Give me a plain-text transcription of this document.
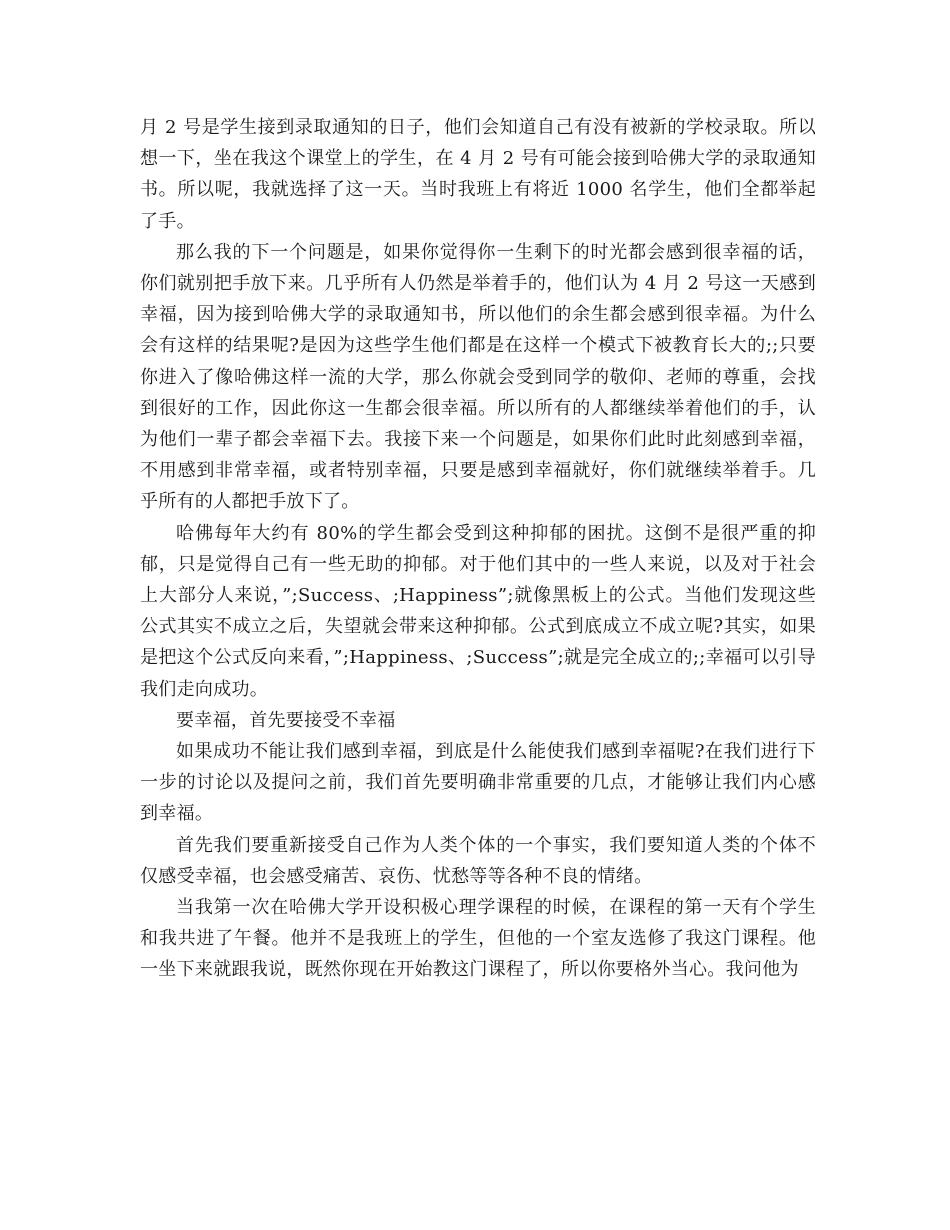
月 2 号是学生接到录取通知的日子，他们会知道自己有没有被新的学校录取。所以想一下，坐在我这个课堂上的学生，在 4 月 2 号有可能会接到哈佛大学的录取通知书。所以呢，我就选择了这一天。当时我班上有将近 1000 名学生，他们全都举起了手。

那么我的下一个问题是，如果你觉得你一生剩下的时光都会感到很幸福的话，你们就别把手放下来。几乎所有人仍然是举着手的，他们认为 4 月 2 号这一天感到幸福，因为接到哈佛大学的录取通知书，所以他们的余生都会感到很幸福。为什么会有这样的结果呢?是因为这些学生他们都是在这样一个模式下被教育长大的;;只要你进入了像哈佛这样一流的大学，那么你就会受到同学的敬仰、老师的尊重，会找到很好的工作，因此你这一生都会很幸福。所以所有的人都继续举着他们的手，认为他们一辈子都会幸福下去。我接下来一个问题是，如果你们此时此刻感到幸福，不用感到非常幸福，或者特别幸福，只要是感到幸福就好，你们就继续举着手。几乎所有的人都把手放下了。

哈佛每年大约有 80%的学生都会受到这种抑郁的困扰。这倒不是很严重的抑郁，只是觉得自己有一些无助的抑郁。对于他们其中的一些人来说，以及对于社会上大部分人来说，”;Success、;Happiness”;就像黑板上的公式。当他们发现这些公式其实不成立之后，失望就会带来这种抑郁。公式到底成立不成立呢?其实，如果是把这个公式反向来看，”;Happiness、;Success”;就是完全成立的;;幸福可以引导我们走向成功。

要幸福，首先要接受不幸福

如果成功不能让我们感到幸福，到底是什么能使我们感到幸福呢?在我们进行下一步的讨论以及提问之前，我们首先要明确非常重要的几点，才能够让我们内心感到幸福。

首先我们要重新接受自己作为人类个体的一个事实，我们要知道人类的个体不仅感受幸福，也会感受痛苦、哀伤、忧愁等等各种不良的情绪。

当我第一次在哈佛大学开设积极心理学课程的时候，在课程的第一天有个学生和我共进了午餐。他并不是我班上的学生，但他的一个室友选修了我这门课程。他一坐下来就跟我说，既然你现在开始教这门课程了，所以你要格外当心。我问他为
